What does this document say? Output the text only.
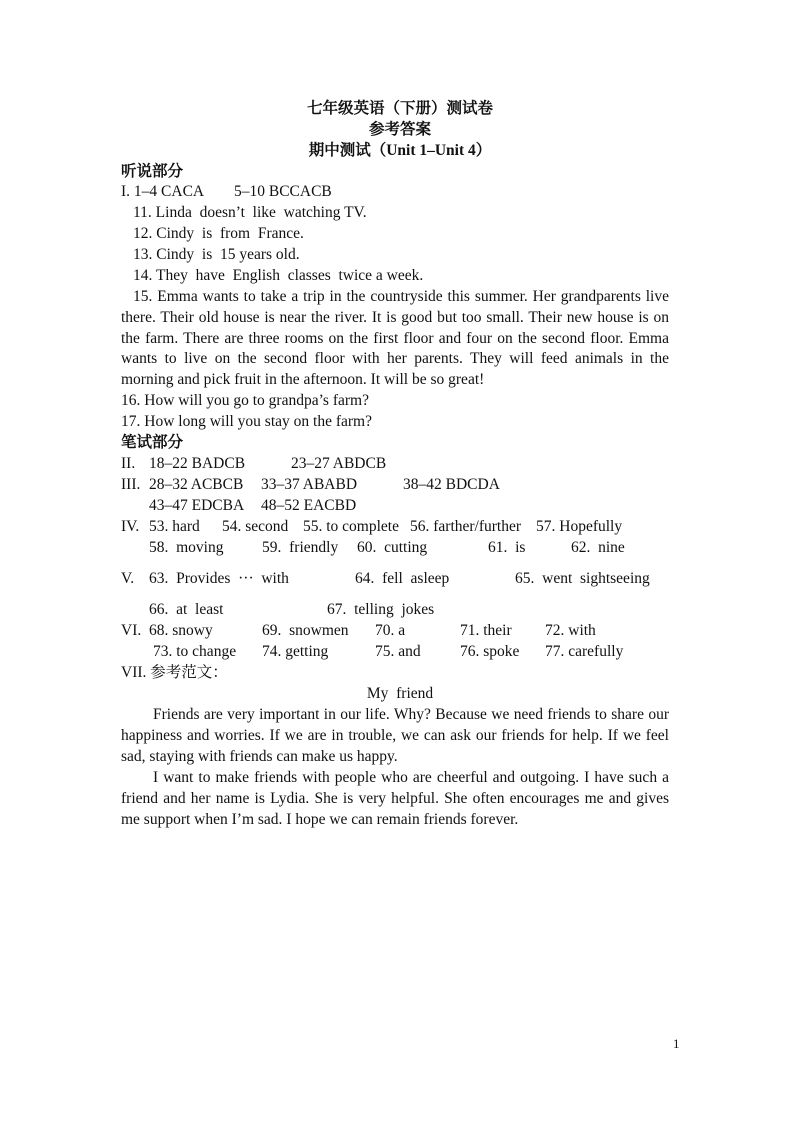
七年级英语（下册）测试卷
参考答案
期中测试（Unit 1–Unit 4）
听说部分
I. 1–4 CACA 5–10 BCCACB
11. Linda  doesn’t  like  watching TV.
12. Cindy  is  from  France.
13. Cindy  is  15 years old.
14. They  have  English  classes  twice a week.
15. Emma wants to take a trip in the countryside this summer. Her grandparents live there. Their old house is near the river. It is good but too small. Their new house is on the farm. There are three rooms on the first floor and four on the second floor. Emma wants to live on the second floor with her parents. They will feed animals in the morning and pick fruit in the afternoon. It will be so great!
16. How will you go to grandpa’s farm?
17. How long will you stay on the farm?
笔试部分
II. 18–22 BADCB	23–27 ABDCB
III. 28–32 ACBCB 33–37 ABABD	38–42 BDCDA
43–47 EDCBA 48–52 EACBD
IV. 53. hard 54. second 55. to complete 56. farther/further 57. Hopefully
58.  moving 59.  friendly 60.  cutting	61.  is	62.  nine
V. 63.  Provides  ···  with	64.  fell  asleep	65.  went  sightseeing
66.  at  least	67.  telling  jokes
VI. 68. snowy	69.  snowmen 70. a	71. their 72. with
73. to change 74. getting	75. and	76. spoke 77. carefully
VII. 参考范文：
My  friend
Friends are very important in our life. Why? Because we need friends to share our happiness and worries. If we are in trouble, we can ask our friends for help. If we feel sad, staying with friends can make us happy.
I want to make friends with people who are cheerful and outgoing. I have such a friend and her name is Lydia. She is very helpful. She often encourages me and gives me support when I’m sad. I hope we can remain friends forever.
1
